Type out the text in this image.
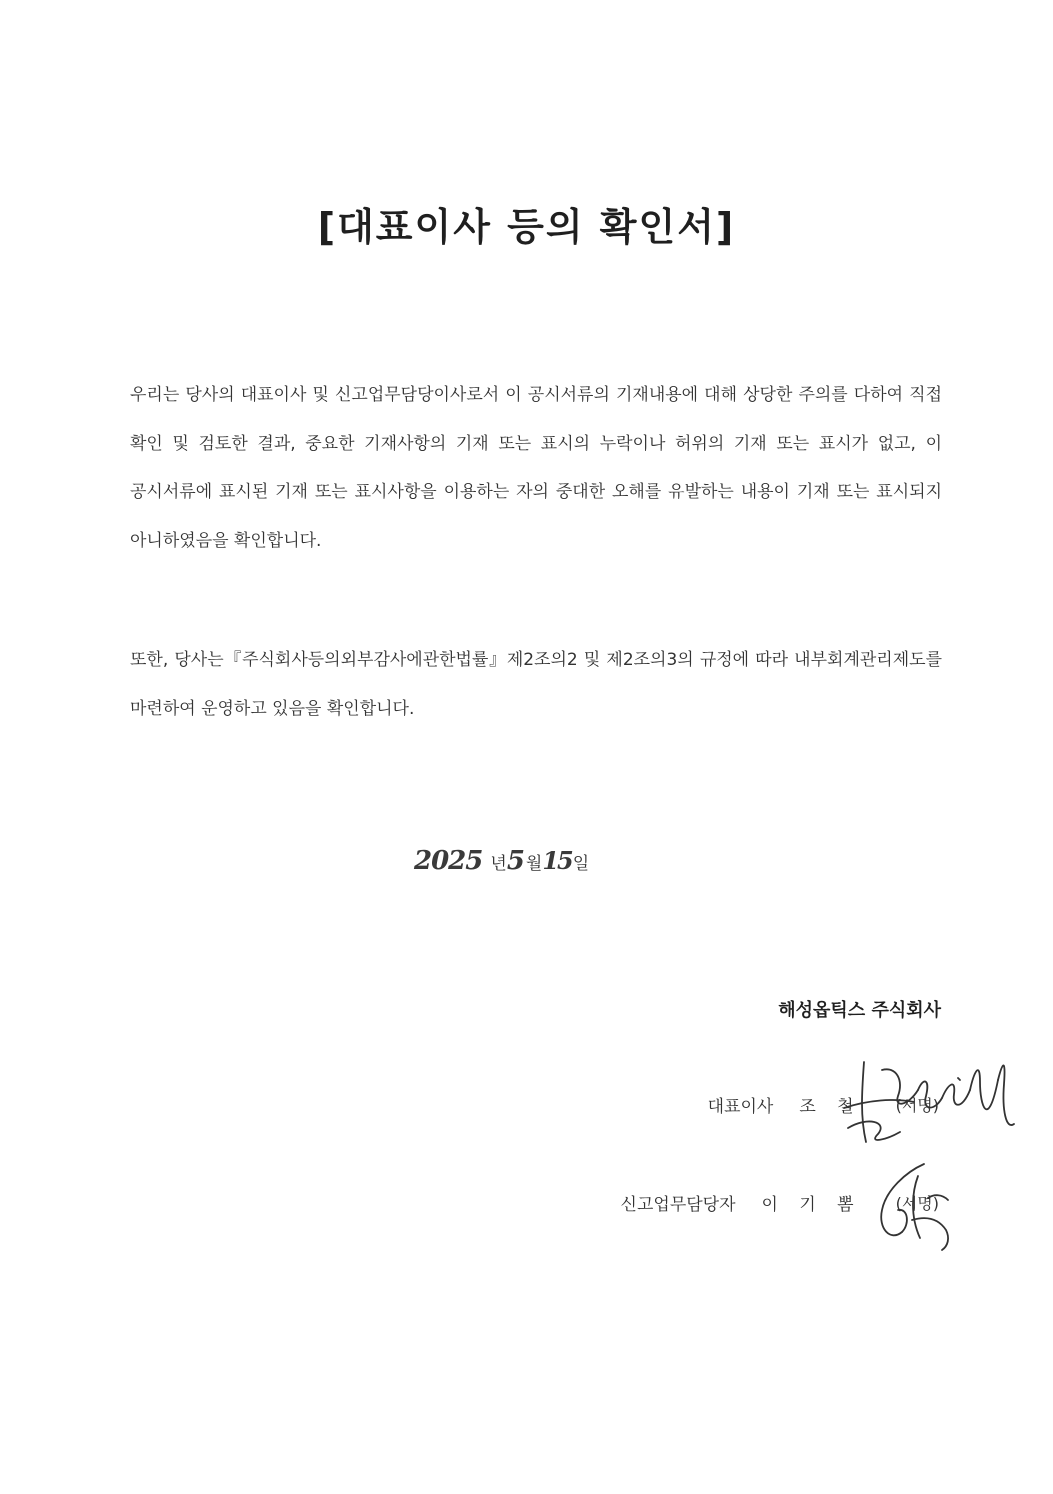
[대표이사 등의 확인서]

우리는 당사의 대표이사 및 신고업무담당이사로서 이 공시서류의 기재내용에 대해 상당한 주의를 다하여 직접 확인 및 검토한 결과, 중요한 기재사항의 기재 또는 표시의 누락이나 허위의 기재 또는 표시가 없고, 이 공시서류에 표시된 기재 또는 표시사항을 이용하는 자의 중대한 오해를 유발하는 내용이 기재 또는 표시되지 아니하였음을 확인합니다.

또한, 당사는『주식회사등의외부감사에관한법률』제2조의2 및 제2조의3의 규정에 따라 내부회계관리제도를 마련하여 운영하고 있음을 확인합니다.

2025 년 5 월 15 일

해성옵틱스 주식회사

대표이사 조 철 (서명)
신고업무담당자 이 기 뽐 (서명)
